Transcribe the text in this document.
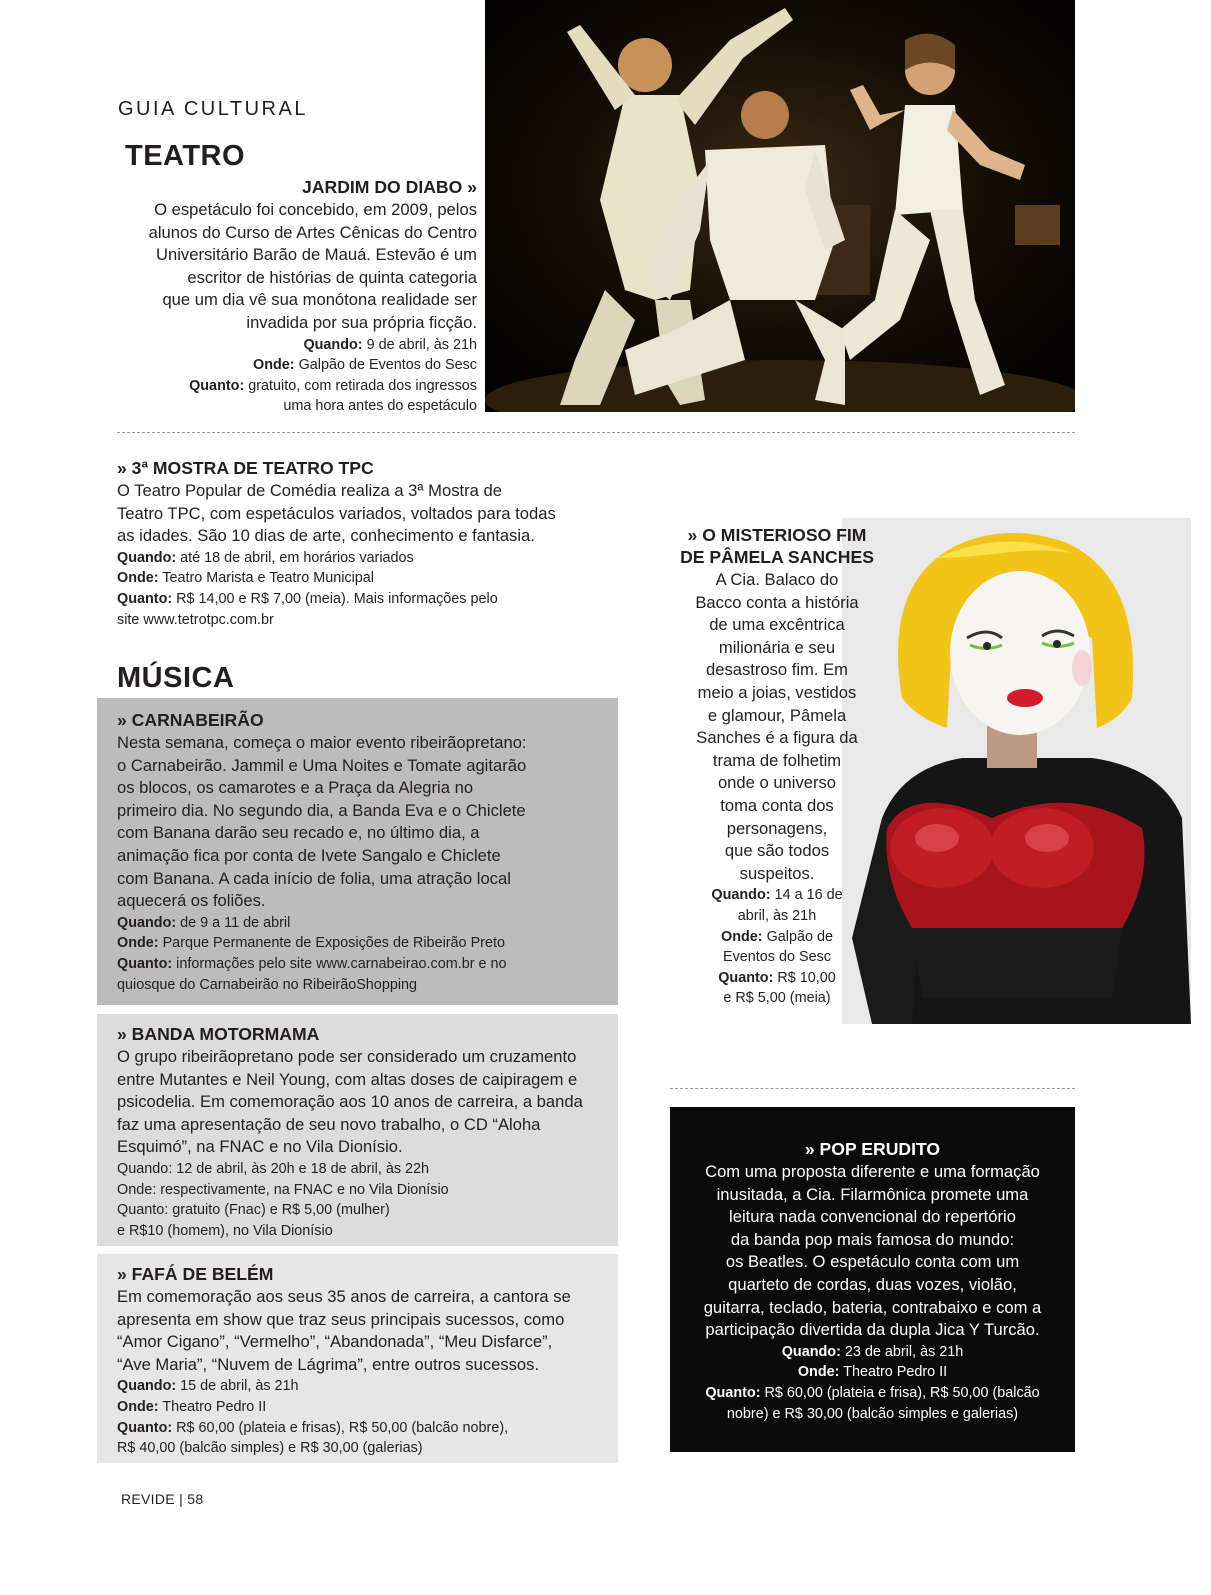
GUIA CULTURAL
TEATRO
JARDIM DO DIABO »
O espetáculo foi concebido, em 2009, pelos
alunos do Curso de Artes Cênicas do Centro
Universitário Barão de Mauá. Estevão é um
escritor de histórias de quinta categoria
que um dia vê sua monótona realidade ser
invadida por sua própria ficção.
Quando: 9 de abril, às 21h
Onde: Galpão de Eventos do Sesc
Quanto: gratuito, com retirada dos ingressos
uma hora antes do espetáculo
» 3ª MOSTRA DE TEATRO TPC
O Teatro Popular de Comédia realiza a 3ª Mostra de
Teatro TPC, com espetáculos variados, voltados para todas
as idades. São 10 dias de arte, conhecimento e fantasia.
Quando: até 18 de abril, em horários variados
Onde: Teatro Marista e Teatro Municipal
Quanto: R$ 14,00 e R$ 7,00 (meia). Mais informações pelo
site www.tetrotpc.com.br
MÚSICA
» CARNABEIRÃO
Nesta semana, começa o maior evento ribeirãopretano:
o Carnabeirão. Jammil e Uma Noites e Tomate agitarão
os blocos, os camarotes e a Praça da Alegria no
primeiro dia. No segundo dia, a Banda Eva e o Chiclete
com Banana darão seu recado e, no último dia, a
animação fica por conta de Ivete Sangalo e Chiclete
com Banana. A cada início de folia, uma atração local
aquecerá os foliões.
Quando: de 9 a 11 de abril
Onde: Parque Permanente de Exposições de Ribeirão Preto
Quanto: informações pelo site www.carnabeirao.com.br e no
quiosque do Carnabeirão no RibeirãoShopping
» BANDA MOTORMAMA
O grupo ribeirãopretano pode ser considerado um cruzamento
entre Mutantes e Neil Young, com altas doses de caipiragem e
psicodelia. Em comemoração aos 10 anos de carreira, a banda
faz uma apresentação de seu novo trabalho, o CD “Aloha
Esquimó”, na FNAC e no Vila Dionísio.
Quando: 12 de abril, às 20h e 18 de abril, às 22h
Onde: respectivamente, na FNAC e no Vila Dionísio
Quanto: gratuito (Fnac) e R$ 5,00 (mulher)
e R$10 (homem), no Vila Dionísio
» FAFÁ DE BELÉM
Em comemoração aos seus 35 anos de carreira, a cantora se
apresenta em show que traz seus principais sucessos, como
“Amor Cigano”, “Vermelho”, “Abandonada”, “Meu Disfarce”,
“Ave Maria”, “Nuvem de Lágrima”, entre outros sucessos.
Quando: 15 de abril, às 21h
Onde: Theatro Pedro II
Quanto: R$ 60,00 (plateia e frisas), R$ 50,00 (balcão nobre),
R$ 40,00 (balcão simples) e R$ 30,00 (galerias)
» O MISTERIOSO FIM
DE PÂMELA SANCHES
A Cia. Balaco do
Bacco conta a história
de uma excêntrica
milionária e seu
desastroso fim. Em
meio a joias, vestidos
e glamour, Pâmela
Sanches é a figura da
trama de folhetim
onde o universo
toma conta dos
personagens,
que são todos
suspeitos.
Quando: 14 a 16 de
abril, às 21h
Onde: Galpão de
Eventos do Sesc
Quanto: R$ 10,00
e R$ 5,00 (meia)
» POP ERUDITO
Com uma proposta diferente e uma formação
inusitada, a Cia. Filarmônica promete uma
leitura nada convencional do repertório
da banda pop mais famosa do mundo:
os Beatles. O espetáculo conta com um
quarteto de cordas, duas vozes, violão,
guitarra, teclado, bateria, contrabaixo e com a
participação divertida da dupla Jica Y Turcão.
Quando: 23 de abril, às 21h
Onde: Theatro Pedro II
Quanto: R$ 60,00 (plateia e frisa), R$ 50,00 (balcão
nobre) e R$ 30,00 (balcão simples e galerias)
REVIDE | 58
